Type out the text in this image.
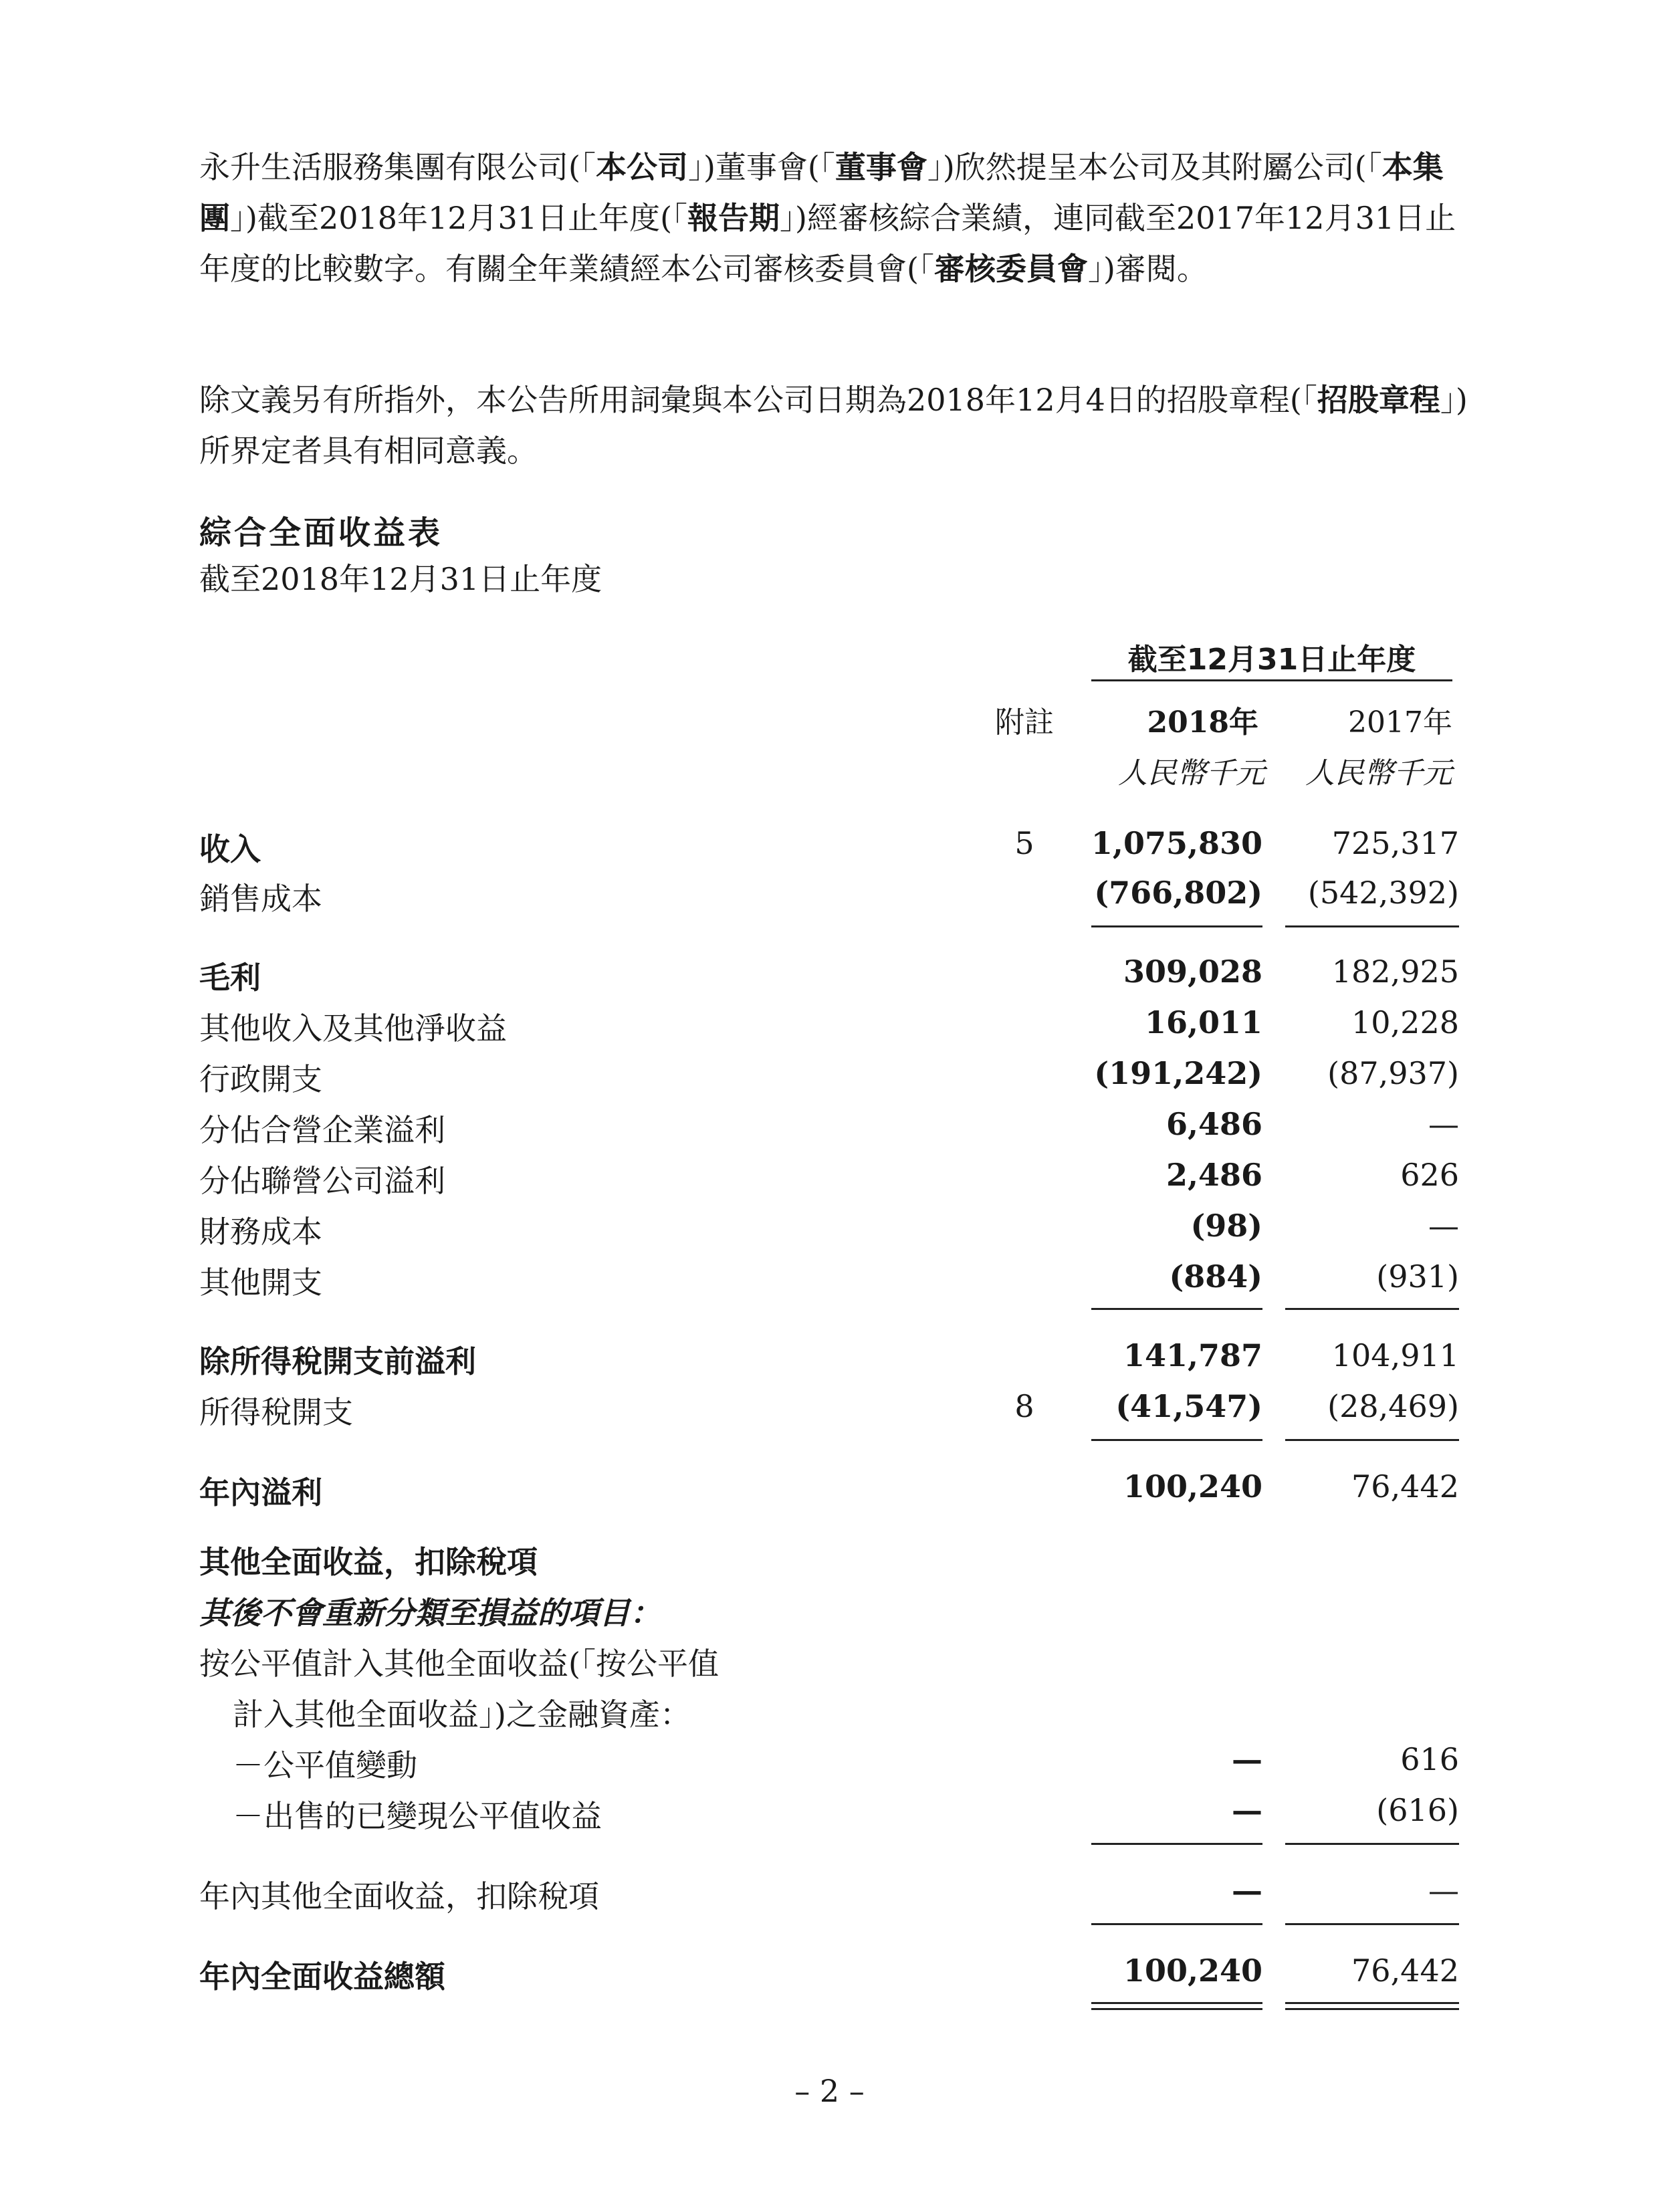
永升生活服務集團有限公司(「本公司」)董事會(「董事會」)欣然提呈本公司及其附屬公司(「本集團」)截至2018年12月31日止年度(「報告期」)經審核綜合業績，連同截至2017年12月31日止年度的比較數字。有關全年業績經本公司審核委員會(「審核委員會」)審閱。
除文義另有所指外，本公告所用詞彙與本公司日期為2018年12月4日的招股章程(「招股章程」)所界定者具有相同意義。
綜合全面收益表
截至2018年12月31日止年度
截至12月31日止年度
附註	2018年	2017年
人民幣千元	人民幣千元
收入	5	1,075,830	725,317
銷售成本	(766,802)	(542,392)
毛利	309,028	182,925
其他收入及其他淨收益	16,011	10,228
行政開支	(191,242)	(87,937)
分佔合營企業溢利	6,486	—
分佔聯營公司溢利	2,486	626
財務成本	(98)	—
其他開支	(884)	(931)
除所得稅開支前溢利	141,787	104,911
所得稅開支	8	(41,547)	(28,469)
年內溢利	100,240	76,442
其他全面收益，扣除稅項
其後不會重新分類至損益的項目：
按公平值計入其他全面收益(「按公平值
計入其他全面收益」)之金融資產：
－公平值變動	—	616
－出售的已變現公平值收益	—	(616)
年內其他全面收益，扣除稅項	—	—
年內全面收益總額	100,240	76,442
– 2 –
